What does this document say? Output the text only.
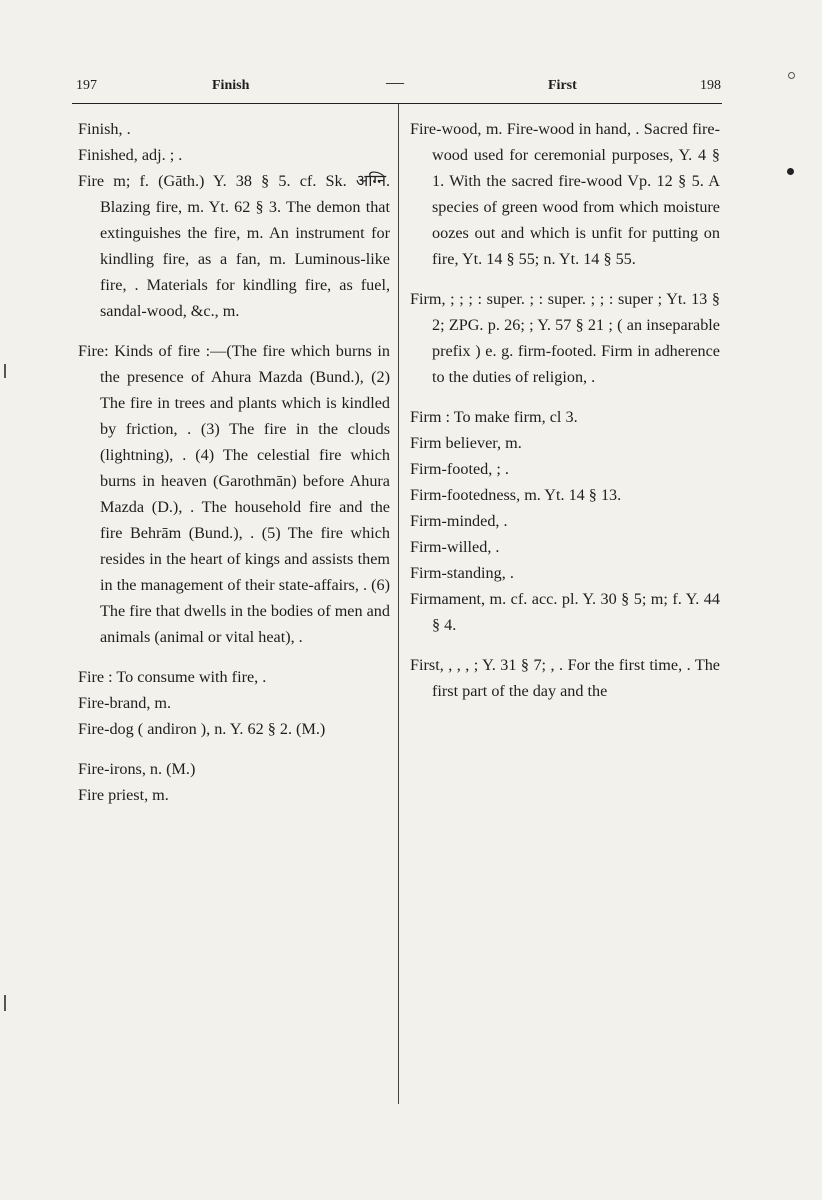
197	Finish	—	First	198

Finish, .

Finished, adj. ; .

Fire m; f. (Gāth.) Y. 38 § 5. cf. Sk. अग्नि. Blazing fire, m. Yt. 62 § 3. The demon that extinguishes the fire, m. An instrument for kindling fire, as a fan, m. Luminous-like fire, . Materials for kindling fire, as fuel, sandal-wood, &c., m.

Fire: Kinds of fire :—(The fire which burns in the presence of Ahura Mazda (Bund.), (2) The fire in trees and plants which is kindled by friction, . (3) The fire in the clouds (lightning), . (4) The celestial fire which burns in heaven (Garothmān) before Ahura Mazda (D.), . The household fire and the fire Behrām (Bund.), . (5) The fire which resides in the heart of kings and assists them in the management of their state-affairs, . (6) The fire that dwells in the bodies of men and animals (animal or vital heat), .

Fire : To consume with fire, .

Fire-brand, m.

Fire-dog ( andiron ), n. Y. 62 § 2. (M.)

Fire-irons, n. (M.)

Fire priest, m.

Fire-wood, m. Fire-wood in hand, . Sacred fire-wood used for ceremonial purposes, Y. 4 § 1. With the sacred fire-wood Vp. 12 § 5. A species of green wood from which moisture oozes out and which is unfit for putting on fire, Yt. 14 § 55; n. Yt. 14 § 55.

Firm, ; ; ; : super. ; : super. ; ; : super ; Yt. 13 § 2; ZPG. p. 26; ; Y. 57 § 21 ; ( an inseparable prefix ) e. g. firm-footed. Firm in adherence to the duties of religion, .

Firm : To make firm, cl 3.

Firm believer, m.

Firm-footed, ; .

Firm-footedness, m. Yt. 14 § 13.

Firm-minded, .

Firm-willed, .

Firm-standing, .

Firmament, m. cf. acc. pl. Y. 30 § 5; m; f. Y. 44 § 4.

First, , , , ; Y. 31 § 7; , . For the first time, . The first part of the day and the
